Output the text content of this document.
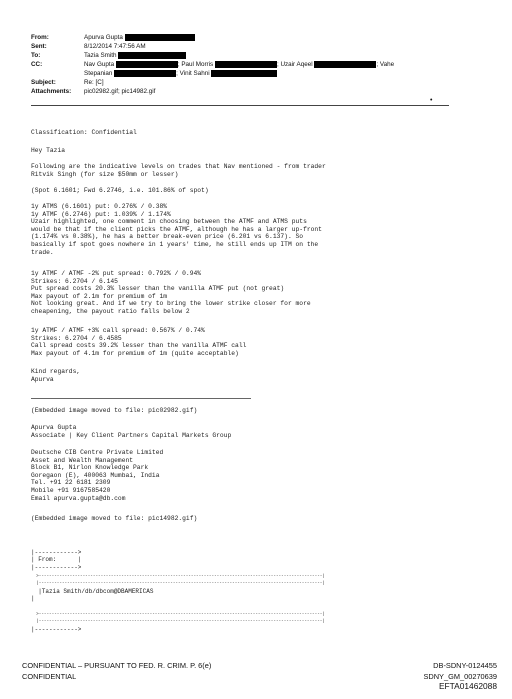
From:	Apurva Gupta
Sent:	8/12/2014 7:47:56 AM
To:	Tazia Smith
CC:	Nav Gupta	; Paul Morris	; Uzair Aqeel	; Vahe
Stepanian	; Vinit Sahni
Subject:	Re: [C]
Attachments: pic02982.gif; pic14982.gif
•
Classification: Confidential
Hey Tazia
Following are the indicative levels on trades that Nav mentioned - from trader
Ritvik Singh (for size $50mm or lesser)
(Spot 6.1601; Fwd 6.2746, i.e. 101.86% of spot)
1y ATMS (6.1601) put: 0.276% / 0.38%
1y ATMF (6.2746) put: 1.039% / 1.174%
Uzair highlighted, one comment in choosing between the ATMF and ATMS puts
would be that if the client picks the ATMF, although he has a larger up-front
(1.174% vs 0.38%), he has a better break-even price (6.201 vs 6.137). So
basically if spot goes nowhere in 1 years' time, he still ends up ITM on the
trade.
1y ATMF / ATMF -2% put spread: 0.792% / 0.94%
Strikes: 6.2704 / 6.145
Put spread costs 20.3% lesser than the vanilla ATMF put (not great)
Max payout of 2.1m for premium of 1m
Not looking great. And if we try to bring the lower strike closer for more
cheapening, the payout ratio falls below 2
1y ATMF / ATMF +3% call spread: 0.567% / 0.74%
Strikes: 6.2704 / 6.4585
Call spread costs 39.2% lesser than the vanilla ATMF call
Max payout of 4.1m for premium of 1m (quite acceptable)
Kind regards,
Apurva
(Embedded image moved to file: pic02982.gif)
Apurva Gupta
Associate | Key Client Partners Capital Markets Group
Deutsche CIB Centre Private Limited
Asset and Wealth Management
Block B1, Nirlon Knowledge Park
Goregaon (E), 400063 Mumbai, India
Tel. +91 22 6181 2309
Mobile +91 9167585420
Email apurva.gupta@db.com
(Embedded image moved to file: pic14982.gif)
|------------>
| From:      |
|------------>
>--------------------------------------------------------------------------------------------------------------|
|--------------------------------------------------------------------------------------------------------------|
|Tazia Smith/db/dbcom@DBAMERICAS
|
>--------------------------------------------------------------------------------------------------------------|
|--------------------------------------------------------------------------------------------------------------|
|------------>
CONFIDENTIAL – PURSUANT TO FED. R. CRIM. P. 6(e)
CONFIDENTIAL
DB-SDNY-0124455
SDNY_GM_00270639
EFTA01462088
